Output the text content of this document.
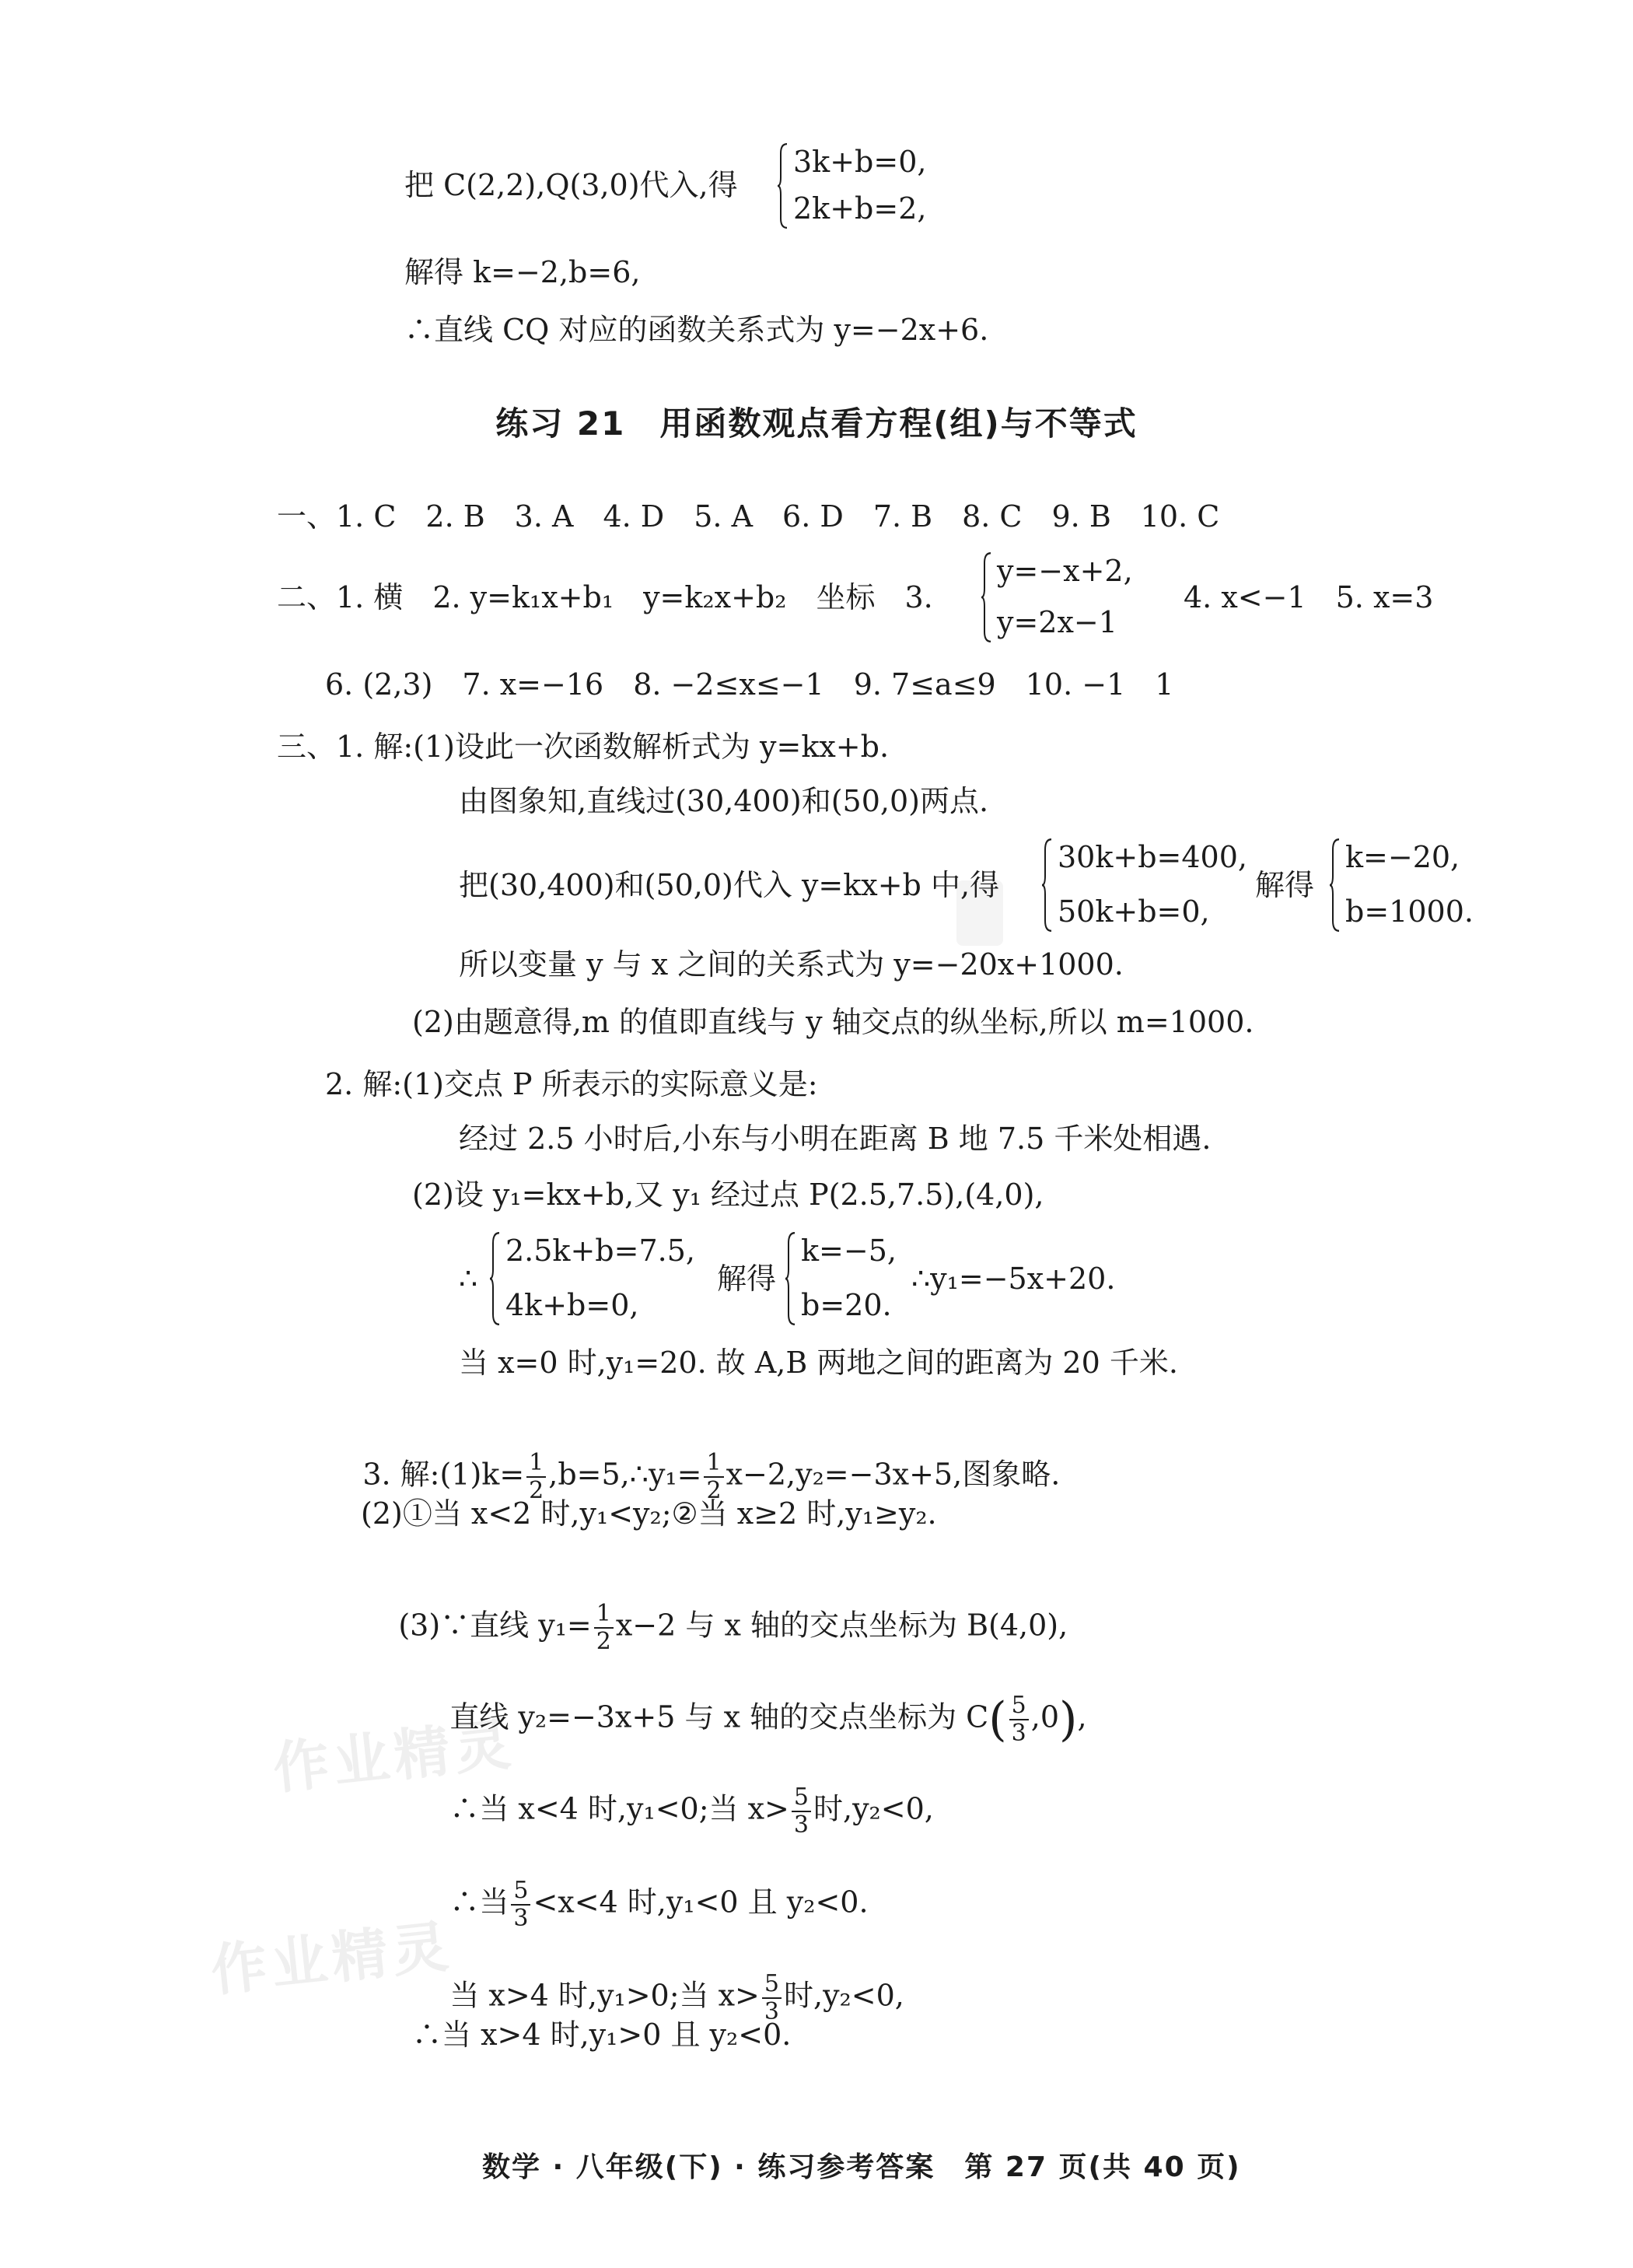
作业精灵
作业精灵
把 C(2,2),Q(3,0)代入,得
3k+b=0,
2k+b=2,
解得 k=−2,b=6,
∴直线 CQ 对应的函数关系式为 y=−2x+6.
练习 21　用函数观点看方程(组)与不等式
一、1. C　2. B　3. A　4. D　5. A　6. D　7. B　8. C　9. B　10. C
二、1. 横　2. y=k₁x+b₁　y=k₂x+b₂　坐标　3.
y=−x+2,
y=2x−1
4. x<−1　5. x=3
6. (2,3)　7. x=−16　8. −2≤x≤−1　9. 7≤a≤9　10. −1　1
三、1. 解:(1)设此一次函数解析式为 y=kx+b.
由图象知,直线过(30,400)和(50,0)两点.
把(30,400)和(50,0)代入 y=kx+b 中,得
30k+b=400,
50k+b=0,
解得
k=−20,
b=1000.
所以变量 y 与 x 之间的关系式为 y=−20x+1000.
(2)由题意得,m 的值即直线与 y 轴交点的纵坐标,所以 m=1000.
2. 解:(1)交点 P 所表示的实际意义是:
经过 2.5 小时后,小东与小明在距离 B 地 7.5 千米处相遇.
(2)设 y₁=kx+b,又 y₁ 经过点 P(2.5,7.5),(4,0),
∴
2.5k+b=7.5,
4k+b=0,
解得
k=−5,
b=20.
∴y₁=−5x+20.
当 x=0 时,y₁=20. 故 A,B 两地之间的距离为 20 千米.

3. 解:(1)k= $\frac{1}{2}$ ,b=5,∴y₁= $\frac{1}{2} x-2,y_2=-3x+5$,图象略.

(2)①当 x<2 时,y₁<y₂;②当 x≥2 时,y₁≥y₂.

(3)∵直线 $y_1= \frac{1}{2} x-2$ 与 x 轴的交点坐标为 B(4,0),

直线 y₂=−3x+5 与 x 轴的交点坐标为 $C( \frac{5}{3} ,0)$,

∴当 x<4 时,y₁<0;当 $x> \frac{5}{3}$ 时,y₂<0,

∴当 $\frac{5}{3} <x<4$ 时,y₁<0 且 y₂<0.

当 x>4 时,y₁>0;当 $x> \frac{5}{3}$ 时,y₂<0,

∴当 x>4 时,y₁>0 且 y₂<0.
数学 · 八年级(下) · 练习参考答案　第 27 页(共 40 页)
